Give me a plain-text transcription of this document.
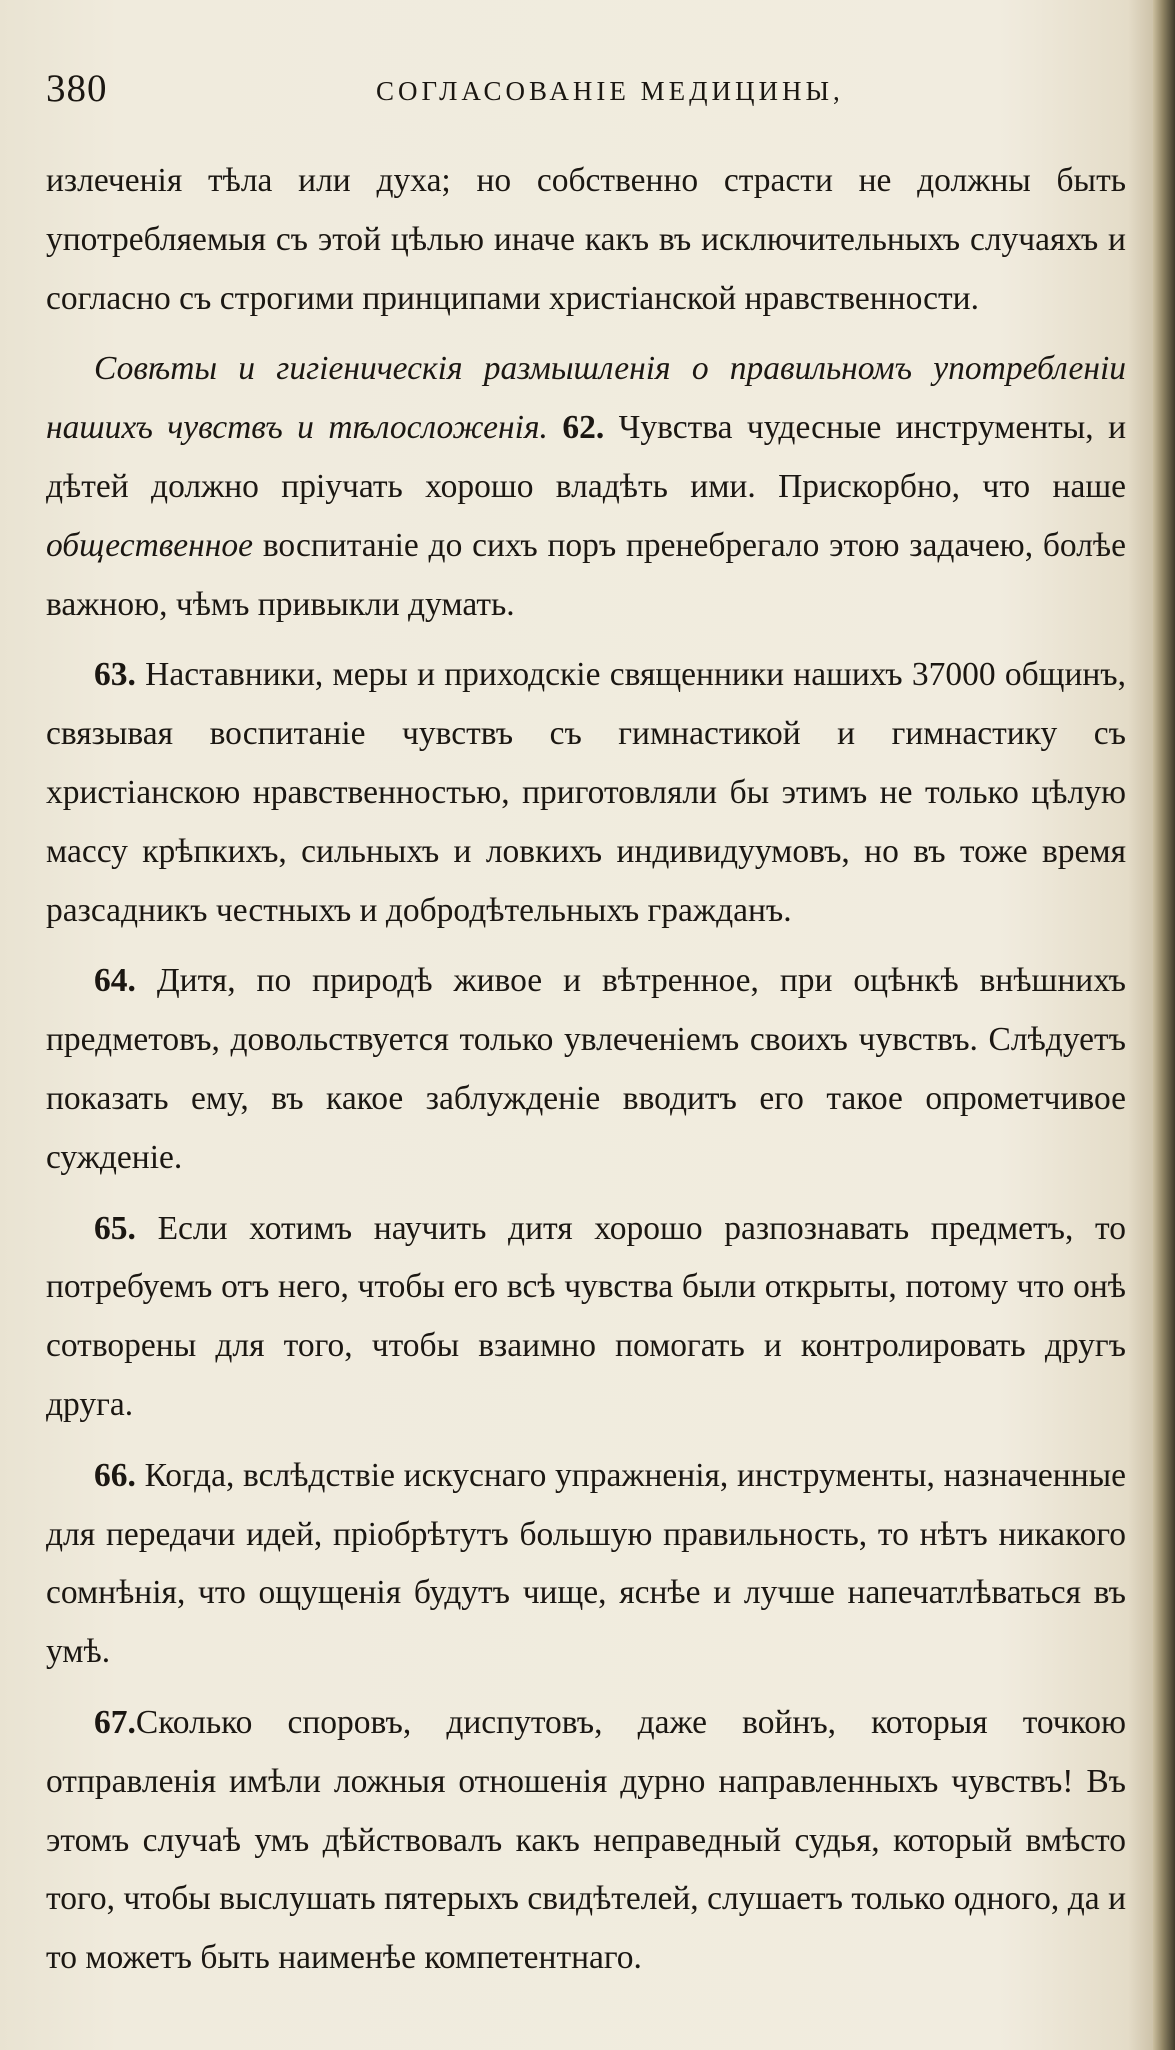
380	СОГЛАСОВАНІЕ МЕДИЦИНЫ,

излеченія тѣла или духа; но собственно страсти не должны быть употребляемыя съ этой цѣлью иначе какъ въ исключительныхъ случаяхъ и согласно съ строгими принципами христіанской нравственности.

Совѣты и гигіеническія размышленія о правильномъ употребленіи нашихъ чувствъ и тѣлосложенія. 62. Чувства чудесные инструменты, и дѣтей должно пріучать хорошо владѣть ими. Прискорбно, что наше общественное воспитаніе до сихъ поръ пренебрегало этою задачею, болѣе важною, чѣмъ привыкли думать.

63. Наставники, меры и приходскіе священники нашихъ 37000 общинъ, связывая воспитаніе чувствъ съ гимнастикой и гимнастику съ христіанскою нравственностью, приготовляли бы этимъ не только цѣлую массу крѣпкихъ, сильныхъ и ловкихъ индивидуумовъ, но въ тоже время разсадникъ честныхъ и добродѣтельныхъ гражданъ.

64. Дитя, по природѣ живое и вѣтренное, при оцѣнкѣ внѣшнихъ предметовъ, довольствуется только увлеченіемъ своихъ чувствъ. Слѣдуетъ показать ему, въ какое заблужденіе вводитъ его такое опрометчивое сужденіе.

65. Если хотимъ научить дитя хорошо разпознавать предметъ, то потребуемъ отъ него, чтобы его всѣ чувства были открыты, потому что онѣ сотворены для того, чтобы взаимно помогать и контролировать другъ друга.

66. Когда, вслѣдствіе искуснаго упражненія, инструменты, назначенные для передачи идей, пріобрѣтутъ большую правильность, то нѣтъ никакого сомнѣнія, что ощущенія будутъ чище, яснѣе и лучше напечатлѣваться въ умѣ.

67.Сколько споровъ, диспутовъ, даже войнъ, которыя точкою отправленія имѣли ложныя отношенія дурно направленныхъ чувствъ! Въ этомъ случаѣ умъ дѣйствовалъ какъ неправедный судья, который вмѣсто того, чтобы выслушать пятерыхъ свидѣтелей, слушаетъ только одного, да и то можетъ быть наименѣе компетентнаго.
